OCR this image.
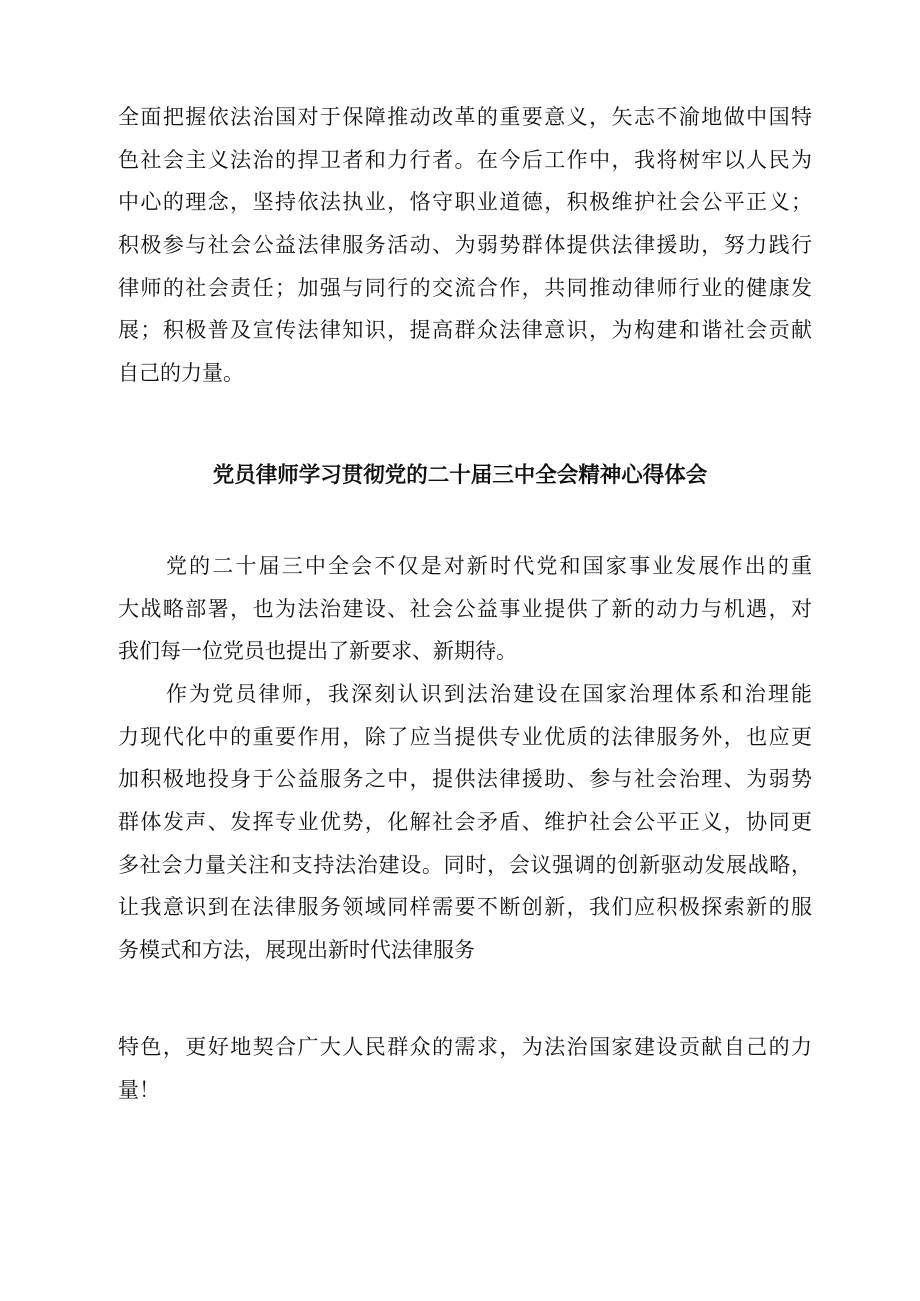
全面把握依法治国对于保障推动改革的重要意义，矢志不渝地做中国特
色社会主义法治的捍卫者和力行者。在今后工作中，我将树牢以人民为
中心的理念，坚持依法执业，恪守职业道德，积极维护社会公平正义；
积极参与社会公益法律服务活动、为弱势群体提供法律援助，努力践行
律师的社会责任；加强与同行的交流合作，共同推动律师行业的健康发
展；积极普及宣传法律知识，提高群众法律意识，为构建和谐社会贡献
自己的力量。
党员律师学习贯彻党的二十届三中全会精神心得体会
党的二十届三中全会不仅是对新时代党和国家事业发展作出的重
大战略部署，也为法治建设、社会公益事业提供了新的动力与机遇，对
我们每一位党员也提出了新要求、新期待。
作为党员律师，我深刻认识到法治建设在国家治理体系和治理能
力现代化中的重要作用，除了应当提供专业优质的法律服务外，也应更
加积极地投身于公益服务之中，提供法律援助、参与社会治理、为弱势
群体发声、发挥专业优势，化解社会矛盾、维护社会公平正义，协同更
多社会力量关注和支持法治建设。同时，会议强调的创新驱动发展战略，
让我意识到在法律服务领域同样需要不断创新，我们应积极探索新的服
务模式和方法，展现出新时代法律服务
特色，更好地契合广大人民群众的需求，为法治国家建设贡献自己的力
量！
